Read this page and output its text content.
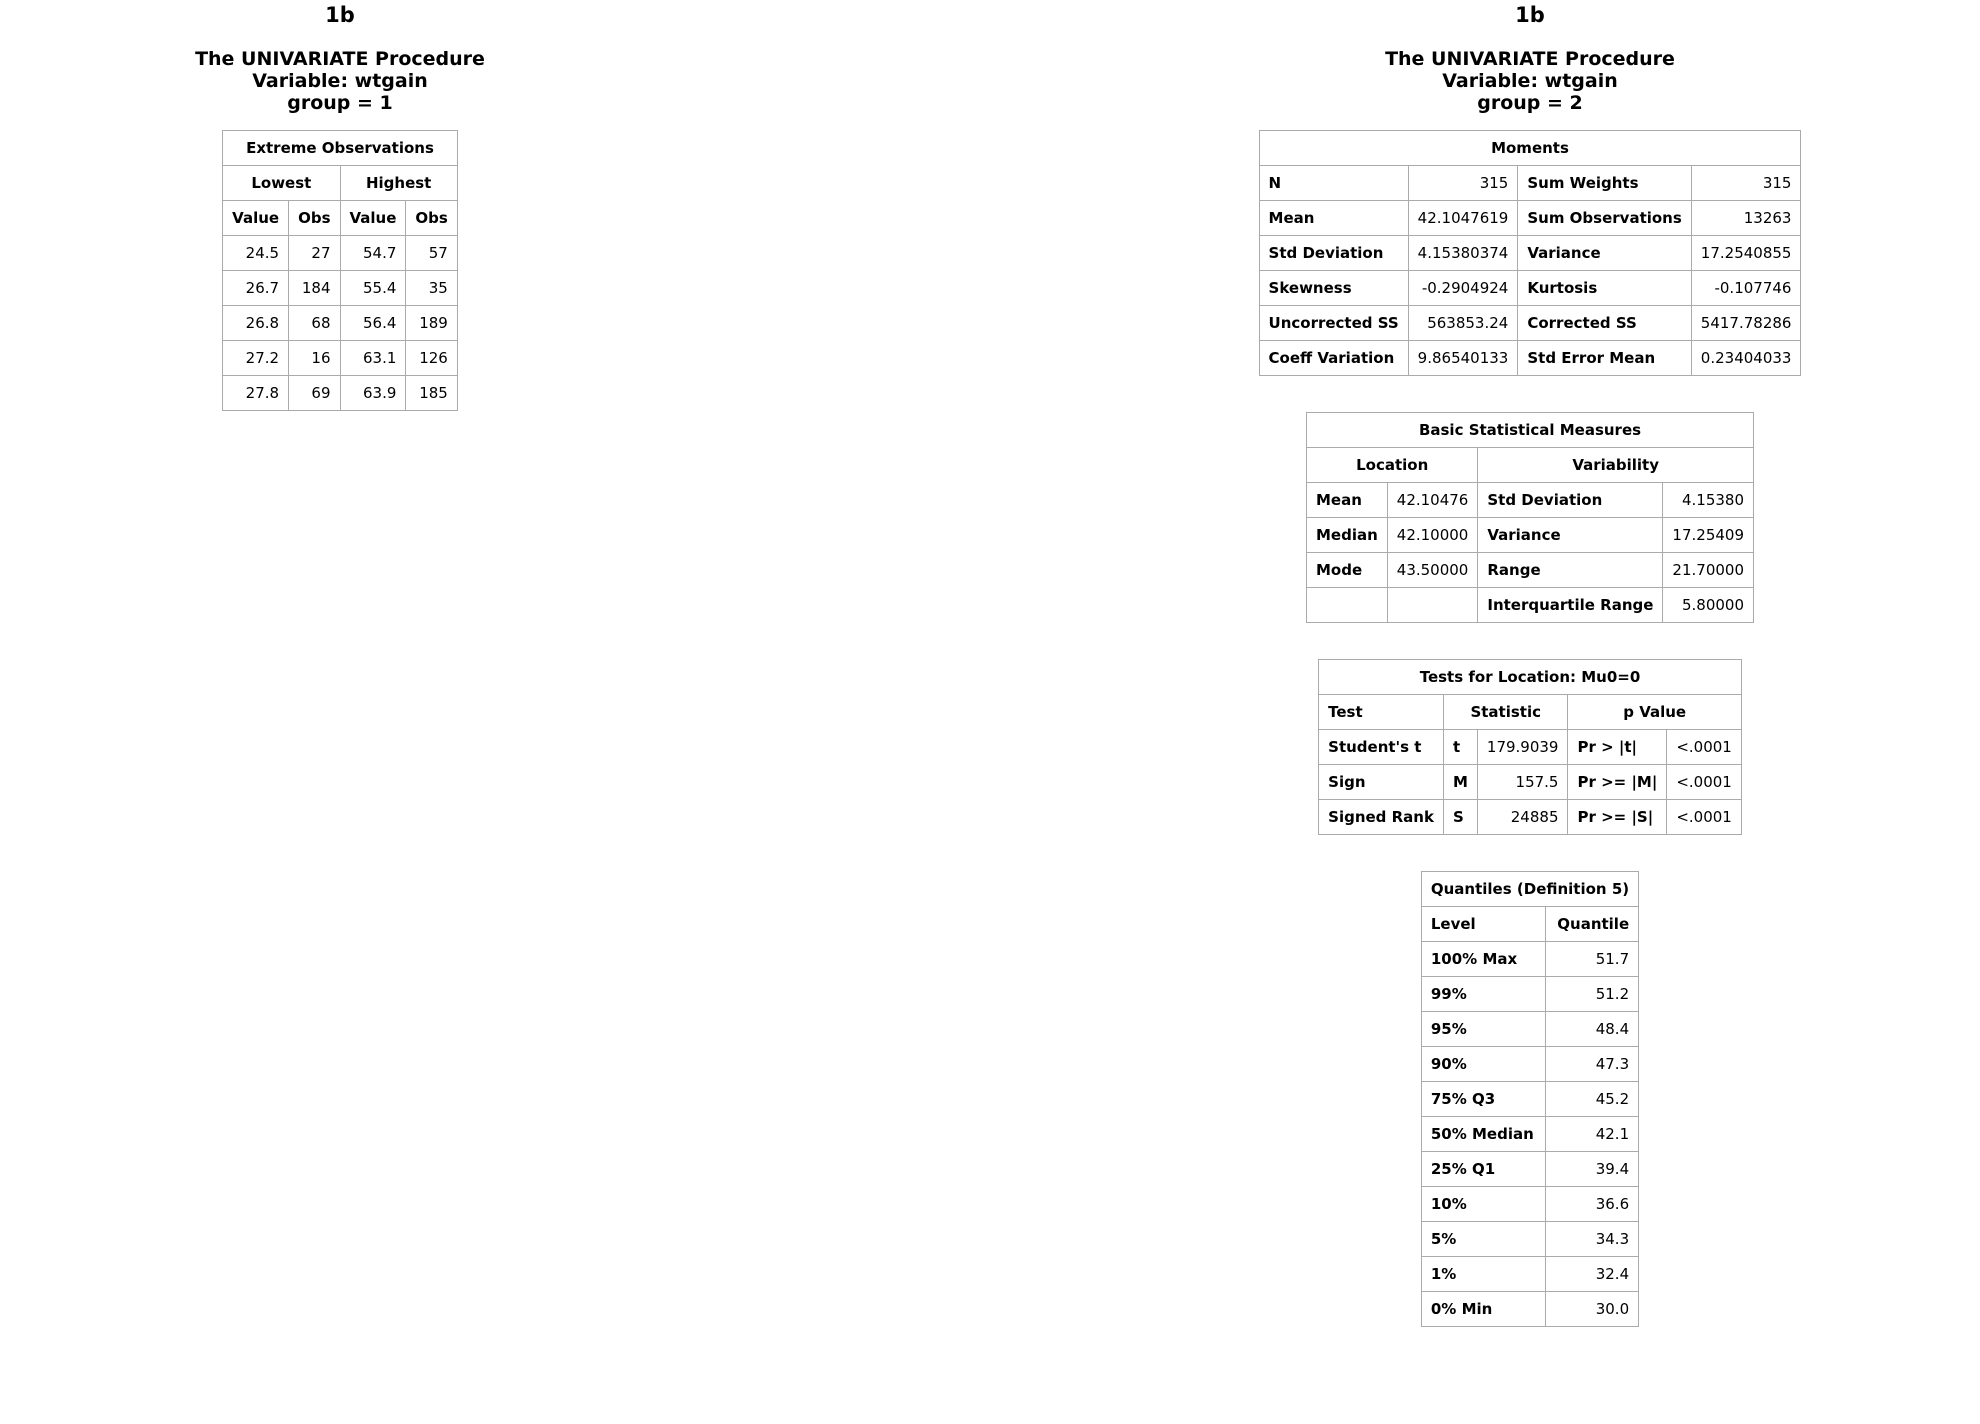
1b
The UNIVARIATE Procedure
Variable: wtgain
group = 1
Extreme Observations			
Lowest		Highest	
Value	Obs	Value	Obs
24.5	27	54.7	57
26.7	184	55.4	35
26.8	68	56.4	189
27.2	16	63.1	126
27.8	69	63.9	185
1b
The UNIVARIATE Procedure
Variable: wtgain
group = 2
Moments			
N	315	Sum Weights	315
Mean	42.1047619	Sum Observations	13263
Std Deviation	4.15380374	Variance	17.2540855
Skewness	-0.2904924	Kurtosis	-0.107746
Uncorrected SS	563853.24	Corrected SS	5417.78286
Coeff Variation	9.86540133	Std Error Mean	0.23404033
Basic Statistical Measures			
Location		Variability	
Mean	42.10476	Std Deviation	4.15380
Median	42.10000	Variance	17.25409
Mode	43.50000	Range	21.70000
		Interquartile Range	5.80000
Tests for Location: Mu0=0				
Test	Statistic		p Value	
Student's t	t	179.9039	Pr > |t|	<.0001
Sign	M	157.5	Pr >= |M|	<.0001
Signed Rank	S	24885	Pr >= |S|	<.0001
Quantiles (Definition 5)	
Level	Quantile
100% Max	51.7
99%	51.2
95%	48.4
90%	47.3
75% Q3	45.2
50% Median	42.1
25% Q1	39.4
10%	36.6
5%	34.3
1%	32.4
0% Min	30.0
